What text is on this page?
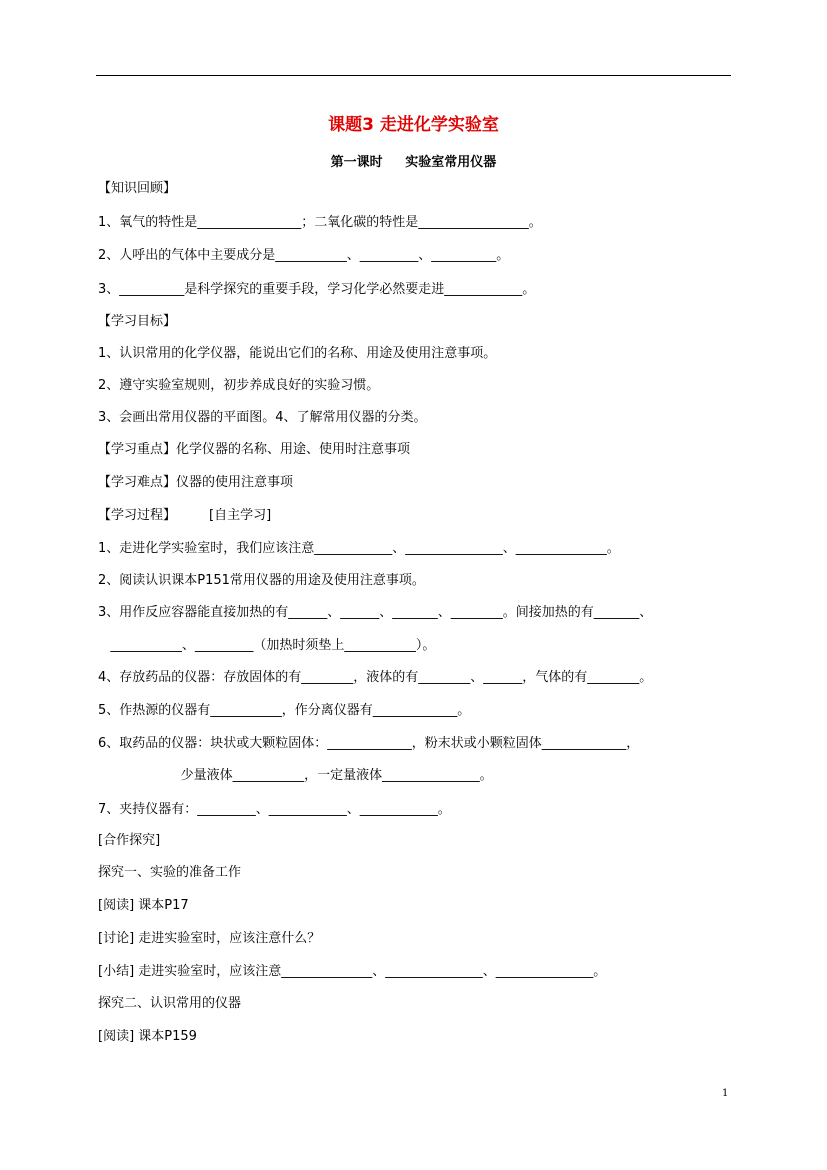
课题3 走进化学实验室
第一课时     实验室常用仪器
【知识回顾】
1、氧气的特性是________________；二氧化碳的特性是_________________。
2、人呼出的气体中主要成分是___________、_________、__________。
3、__________是科学探究的重要手段，学习化学必然要走进____________。
【学习目标】
1、认识常用的化学仪器，能说出它们的名称、用途及使用注意事项。
2、遵守实验室规则，初步养成良好的实验习惯。
3、会画出常用仪器的平面图。4、了解常用仪器的分类。
【学习重点】化学仪器的名称、用途、使用时注意事项
【学习难点】仪器的使用注意事项
【学习过程】        [自主学习]
1、走进化学实验室时，我们应该注意____________、_______________、______________。
2、阅读认识课本P151常用仪器的用途及使用注意事项。
3、用作反应容器能直接加热的有______、______、_______、________。间接加热的有_______、
___________、_________（加热时须垫上___________）。
4、存放药品的仪器：存放固体的有________，液体的有________、______，气体的有________。
5、作热源的仪器有___________，作分离仪器有_____________。
6、取药品的仪器：块状或大颗粒固体：_____________，粉末状或小颗粒固体_____________，
少量液体___________，一定量液体_______________。
7、夹持仪器有：_________、____________、____________。
[合作探究]
探究一、实验的准备工作
[阅读] 课本P17
[讨论] 走进实验室时，应该注意什么？
[小结] 走进实验室时，应该注意______________、_______________、_______________。
探究二、认识常用的仪器
[阅读] 课本P159
1
